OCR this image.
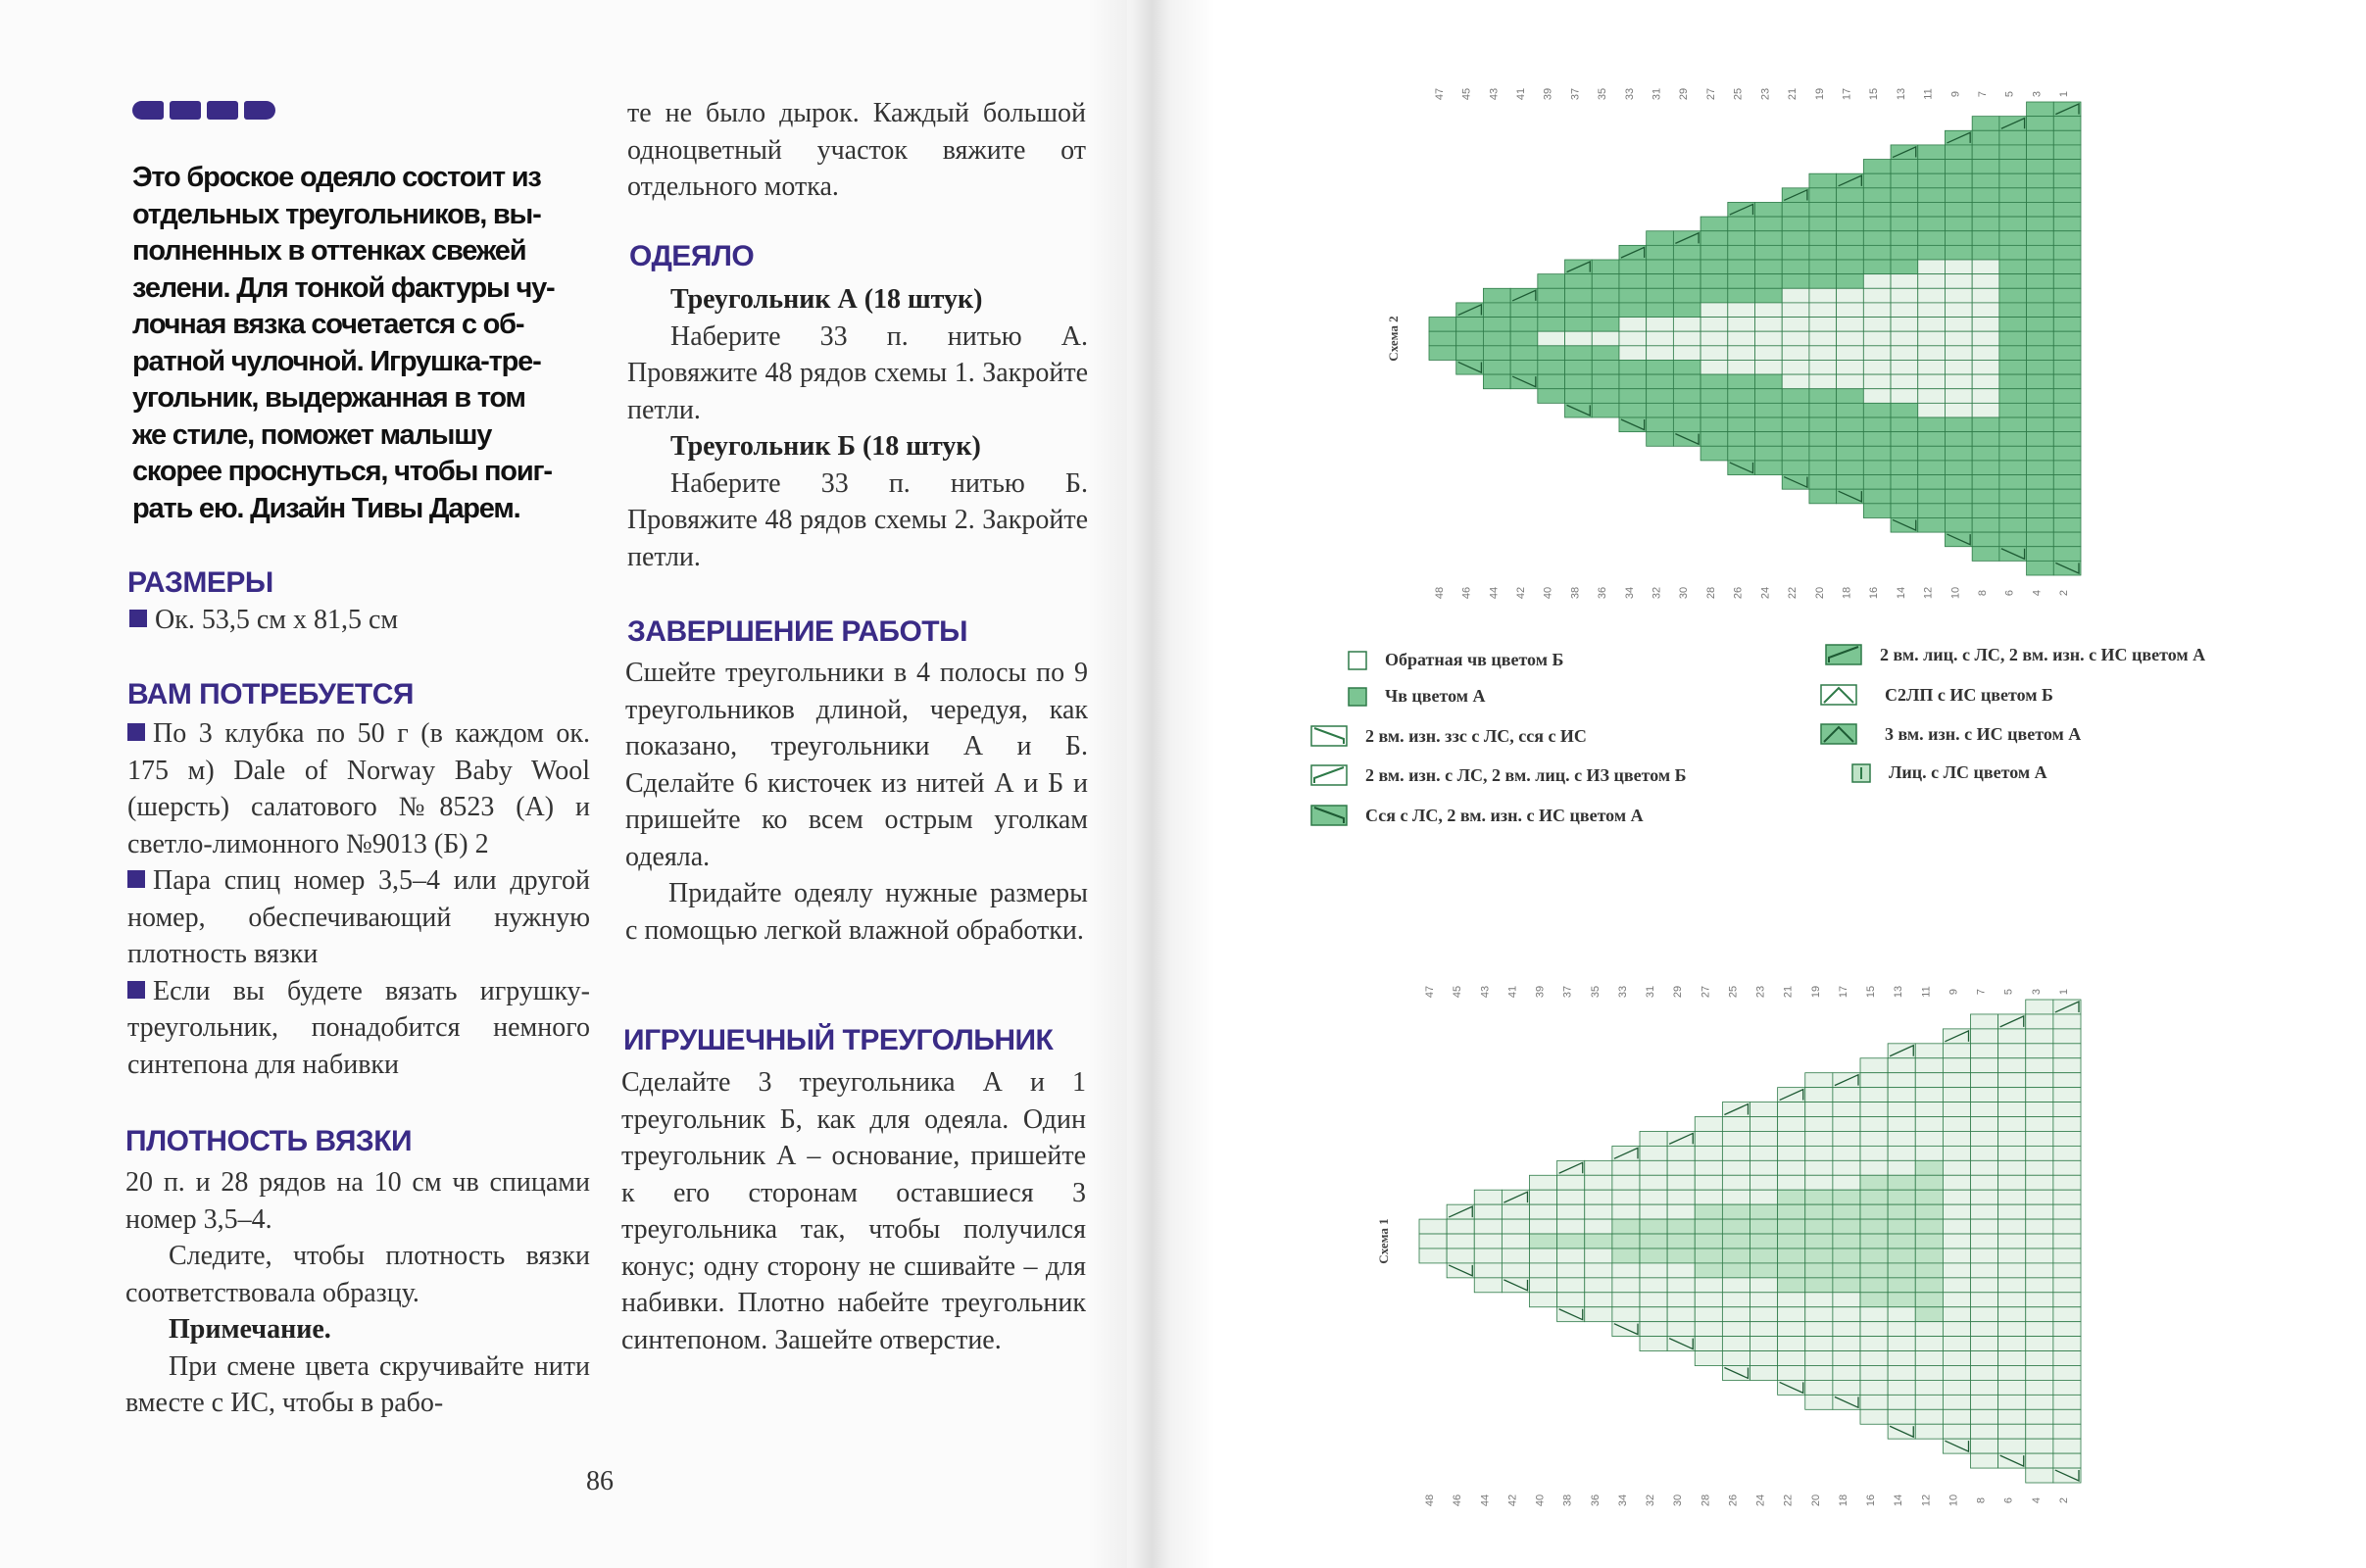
Это броское одеяло состоит из

отдельных треугольников, вы-

полненных в оттенках свежей

зелени. Для тонкой фактуры чу-

лочная вязка сочетается с об-

ратной чулочной. Игрушка-тре-

угольник, выдержанная в том

же стиле, поможет малышу

скорее проснуться, чтобы поиг-

рать ею. Дизайн Тивы Дарем.

РАЗМЕРЫ

Ок. 53,5 см х 81,5 см

ВАМ ПОТРЕБУЕТСЯ

По 3 клубка по 50 г (в каждом ок. 175 м) Dale of Norway Baby Wool (шерсть) салатового №8523 (А) и светло-лимонного №9013 (Б) 2

Пара спиц номер 3,5–4 или другой номер, обеспечивающий нужную плотность вязки

Если вы будете вязать игрушку-треугольник, понадобится немного синтепона для набивки

ПЛОТНОСТЬ ВЯЗКИ

20 п. и 28 рядов на 10 см чв спицами номер 3,5–4.

Следите, чтобы плотность вязки соответствовала образцу.

Примечание.

При смене цвета скручивайте нити вместе с ИС, чтобы в рабо-

те не было дырок. Каждый большой одноцветный участок вяжите от отдельного мотка.

ОДЕЯЛО

Треугольник А (18 штук)

Наберите 33 п. нитью А. Провяжите 48 рядов схемы 1. Закройте петли.

Треугольник Б (18 штук)

Наберите 33 п. нитью Б. Провяжите 48 рядов схемы 2. Закройте петли.

ЗАВЕРШЕНИЕ РАБОТЫ

Сшейте треугольники в 4 полосы по 9 треугольников длиной, чередуя, как показано, треугольники А и Б. Сделайте 6 кисточек из нитей А и Б и пришейте ко всем острым уголкам одеяла.

Придайте одеялу нужные размеры с помощью легкой влажной обработки.

ИГРУШЕЧНЫЙ ТРЕУГОЛЬНИК

Сделайте 3 треугольника А и 1 треугольник Б, как для одеяла. Один треугольник А – основание, пришейте к его сторонам оставшиеся 3 треугольника так, чтобы получился конус; одну сторону не сшивайте – для набивки. Плотно набейте треугольник синтепоном. Зашейте отверстие.

86
47 45 43 41 39 37 35 33 31 29 27 25 23 21 19 17 15 13 11 9 7 5 3 1
48 46 44 42 40 38 36 34 32 30 28 26 24 22 20 18 16 14 12 10 8 6 4 2
Схема 2
47 45 43 41 39 37 35 33 31 29 27 25 23 21 19 17 15 13 11 9 7 5 3 1
48 46 44 42 40 38 36 34 32 30 28 26 24 22 20 18 16 14 12 10 8 6 4 2
Схема 1
Обратная чв цветом Б
Чв цветом А
2 вм. изн. ззс с ЛС, сся с ИС
2 вм. изн. с ЛС, 2 вм. лиц. с ИЗ цветом Б
Сся с ЛС, 2 вм. изн. с ИС цветом А
2 вм. лиц. с ЛС, 2 вм. изн. с ИС цветом А
С2ЛП с ИС цветом Б
3 вм. изн. с ИС цветом А
Лиц. с ЛС цветом А
